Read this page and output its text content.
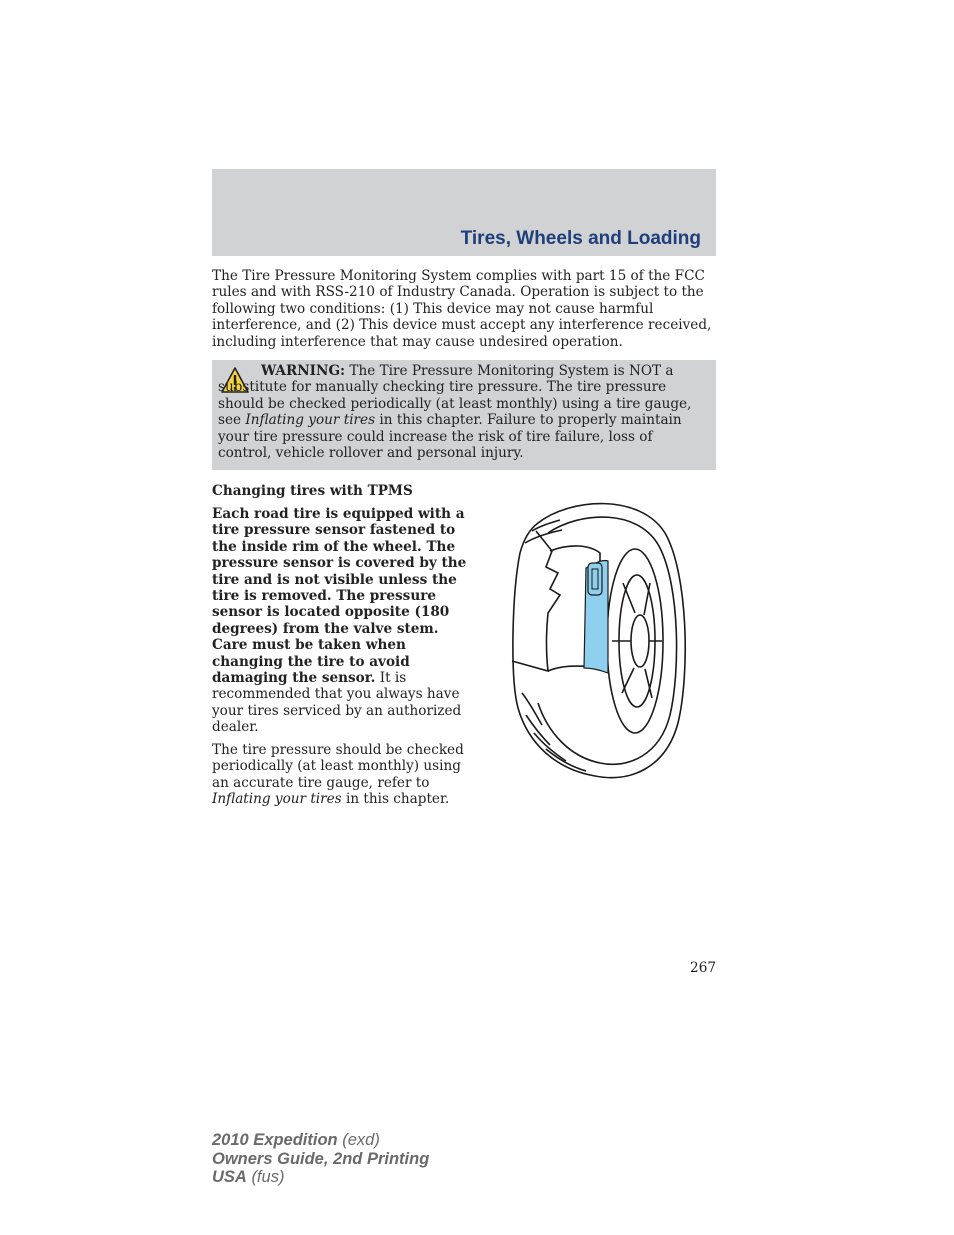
Tires, Wheels and Loading
The Tire Pressure Monitoring System complies with part 15 of the FCC rules and with RSS-210 of Industry Canada. Operation is subject to the following two conditions: (1) This device may not cause harmful interference, and (2) This device must accept any interference received, including interference that may cause undesired operation.
WARNING: The Tire Pressure Monitoring System is NOT a substitute for manually checking tire pressure. The tire pressure should be checked periodically (at least monthly) using a tire gauge, see Inflating your tires in this chapter. Failure to properly maintain your tire pressure could increase the risk of tire failure, loss of control, vehicle rollover and personal injury.
Changing tires with TPMS

Each road tire is equipped with a tire pressure sensor fastened to the inside rim of the wheel. The pressure sensor is covered by the tire and is not visible unless the tire is removed. The pressure sensor is located opposite (180 degrees) from the valve stem. Care must be taken when changing the tire to avoid damaging the sensor. It is recommended that you always have your tires serviced by an authorized dealer.

The tire pressure should be checked periodically (at least monthly) using an accurate tire gauge, refer to Inflating your tires in this chapter.

267
2010 Expedition (exd)
Owners Guide, 2nd Printing
USA (fus)
